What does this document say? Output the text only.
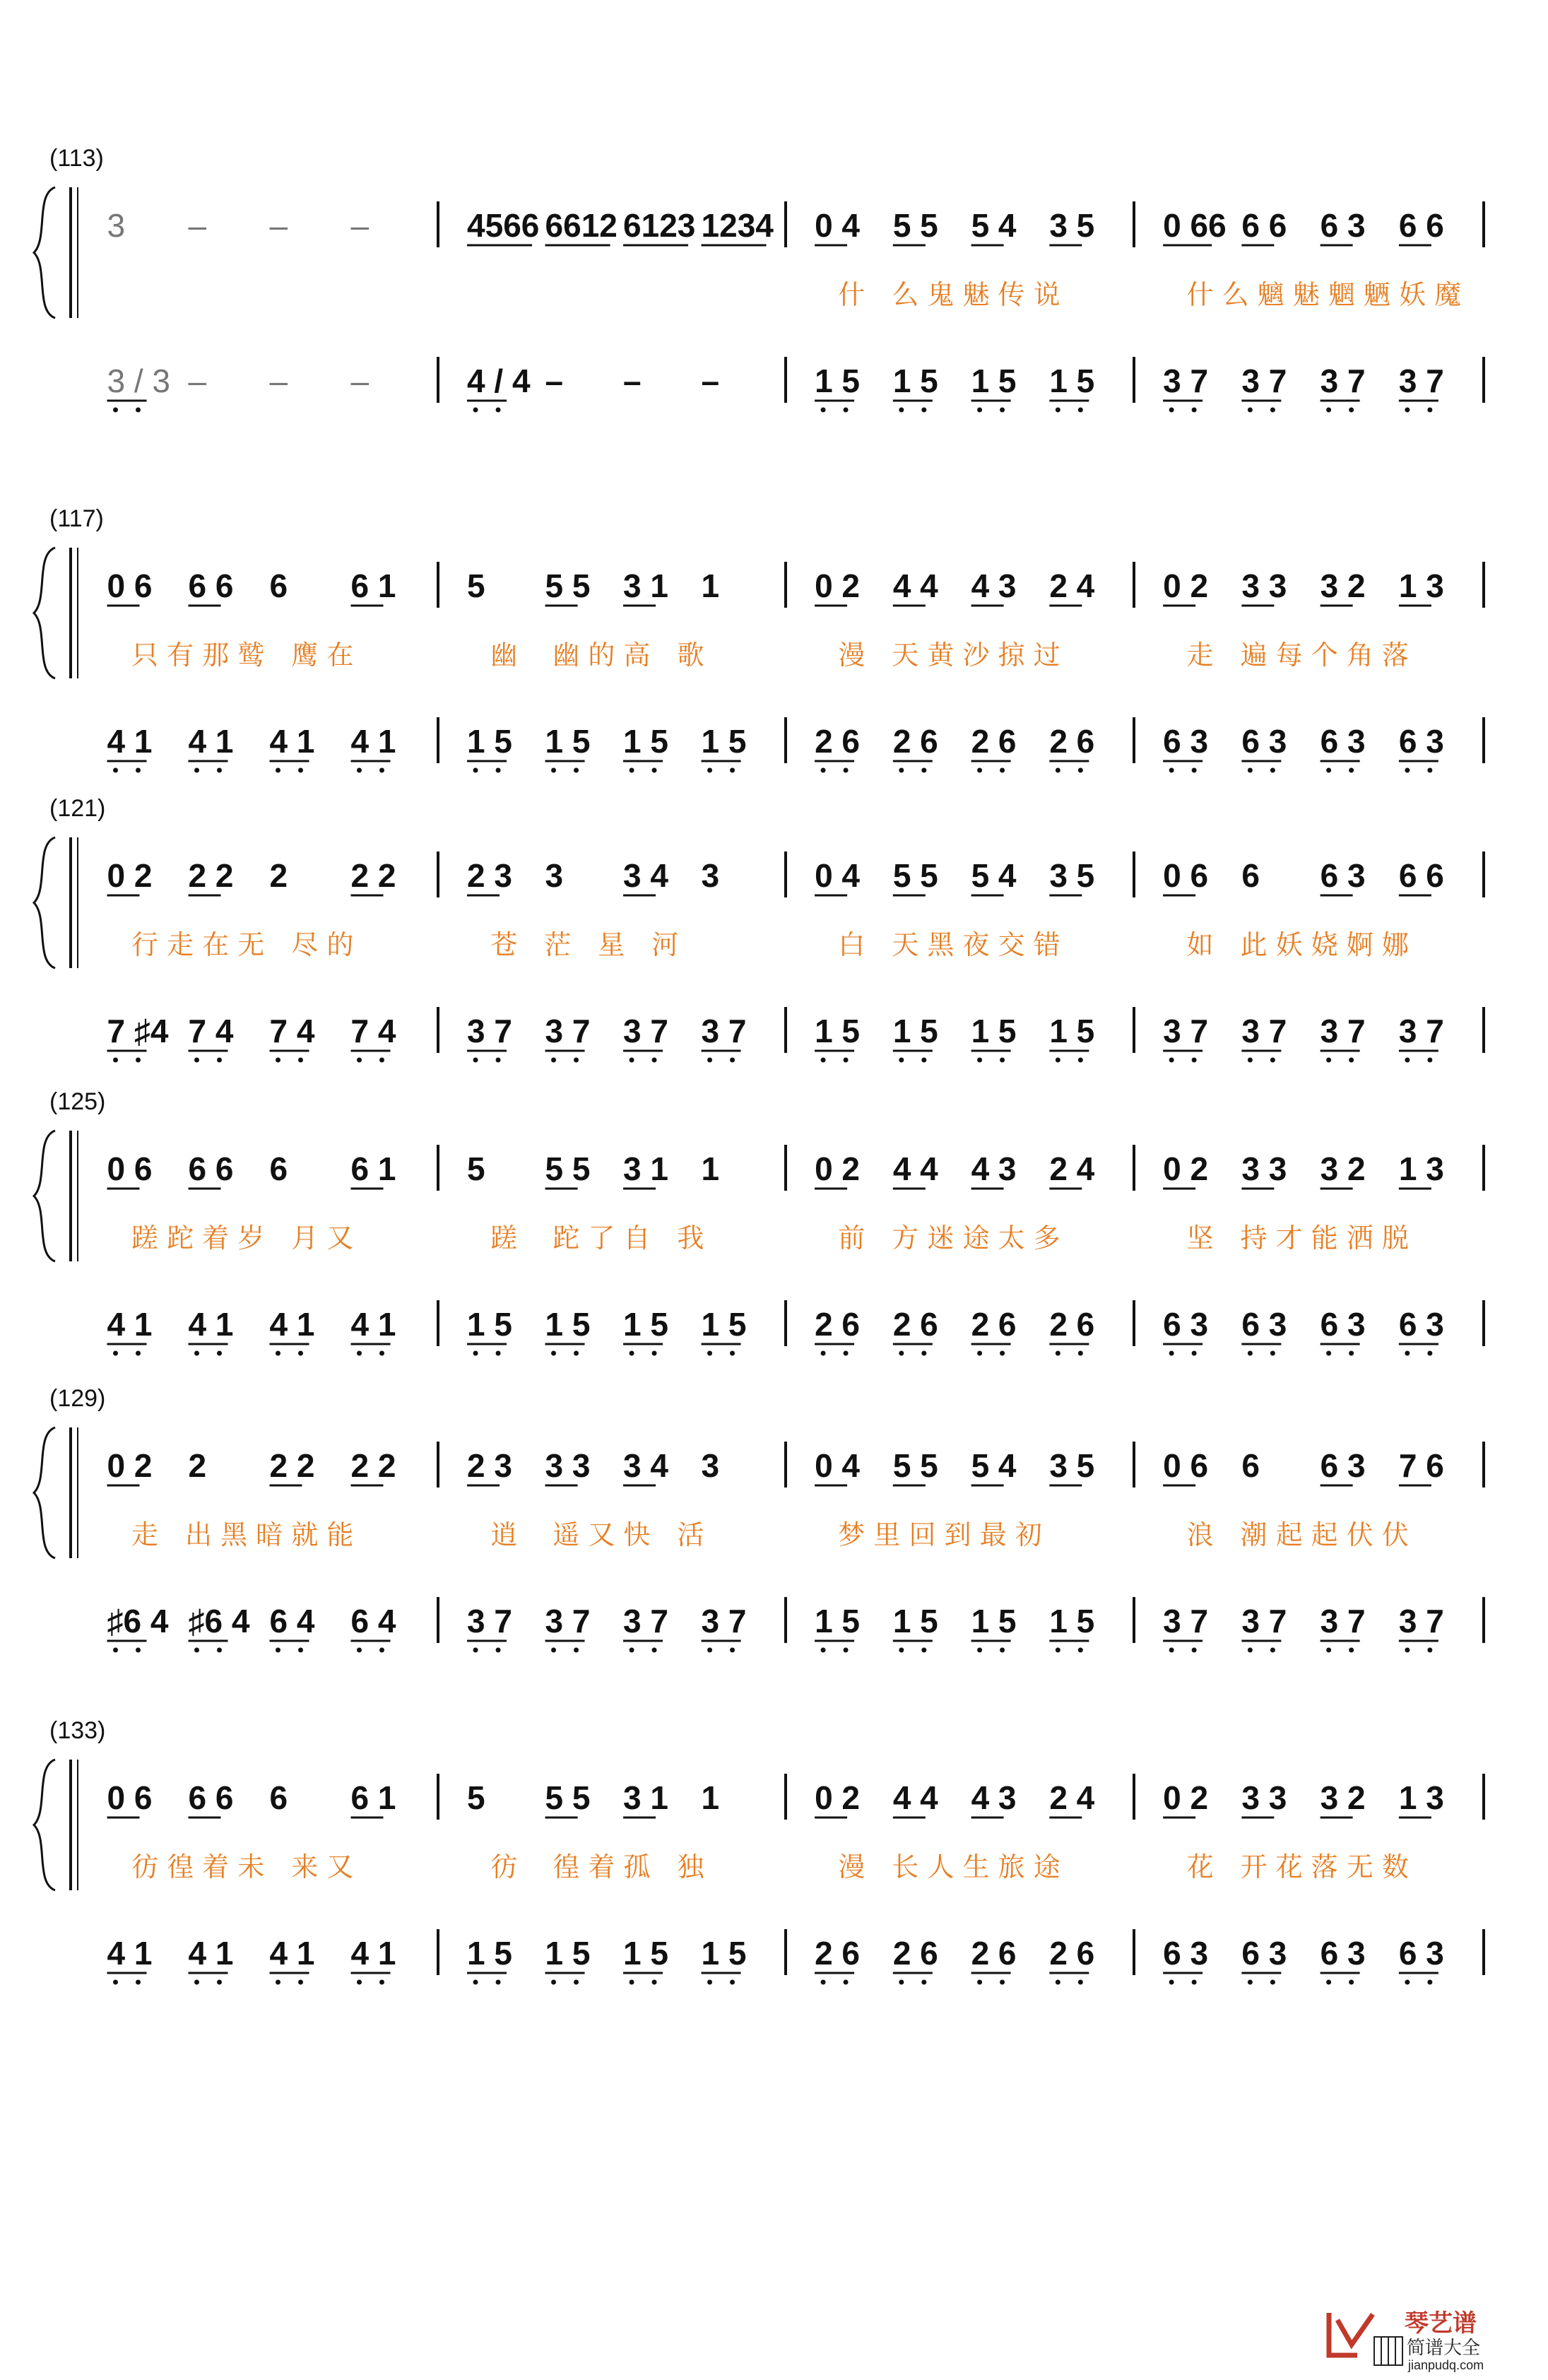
(113)
3 – – –
3 / 3 – – –
4566 6612 6123 1234
4 / 4 – – –
0 4 5 5 5 4 3 5
什　么 鬼 魅 传 说
1 5 1 5 1 5 1 5
0 66 6 6 6 3 6 6
什 么 魑 魅 魍 魉 妖 魔
3 7 3 7 3 7 3 7
(117)
0 6 6 6 6 6 1
只 有 那 鹫　鹰 在
4 1 4 1 4 1 4 1
5 5 5 3 1 1
幽　 幽 的 高　歌
1 5 1 5 1 5 1 5
0 2 4 4 4 3 2 4
漫　天 黄 沙 掠 过
2 6 2 6 2 6 2 6
0 2 3 3 3 2 1 3
走　遍 每 个 角 落
6 3 6 3 6 3 6 3
(121)
0 2 2 2 2 2 2
行 走 在 无　尽 的
7 ♯4 7 4 7 4 7 4
2 3 3 3 4 3
苍　茫　星　河
3 7 3 7 3 7 3 7
0 4 5 5 5 4 3 5
白　天 黑 夜 交 错
1 5 1 5 1 5 1 5
0 6 6 6 3 6 6
如　此 妖 娆 婀 娜
3 7 3 7 3 7 3 7
(125)
0 6 6 6 6 6 1
蹉 跎 着 岁　月 又
4 1 4 1 4 1 4 1
5 5 5 3 1 1
蹉　 跎 了 自　我
1 5 1 5 1 5 1 5
0 2 4 4 4 3 2 4
前　方 迷 途 太 多
2 6 2 6 2 6 2 6
0 2 3 3 3 2 1 3
坚　持 才 能 洒 脱
6 3 6 3 6 3 6 3
(129)
0 2 2 2 2 2 2
走　出 黑 暗 就 能
♯6 4 ♯6 4 6 4 6 4
2 3 3 3 3 4 3
逍　 遥 又 快　活
3 7 3 7 3 7 3 7
0 4 5 5 5 4 3 5
梦 里 回 到 最 初
1 5 1 5 1 5 1 5
0 6 6 6 3 7 6
浪　潮 起 起 伏 伏
3 7 3 7 3 7 3 7
(133)
0 6 6 6 6 6 1
彷 徨 着 未　来 又
4 1 4 1 4 1 4 1
5 5 5 3 1 1
彷　 徨 着 孤　独
1 5 1 5 1 5 1 5
0 2 4 4 4 3 2 4
漫　长 人 生 旅 途
2 6 2 6 2 6 2 6
0 2 3 3 3 2 1 3
花　开 花 落 无 数
6 3 6 3 6 3 6 3
琴艺谱
简谱大全
jianpudq.com
